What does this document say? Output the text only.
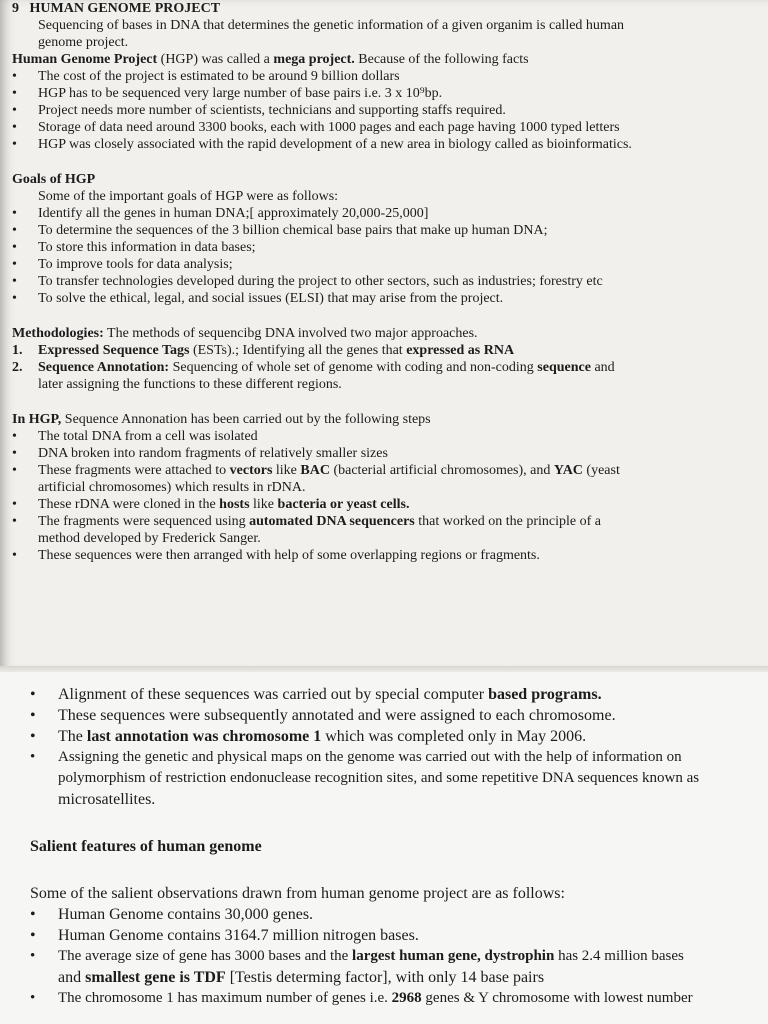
9 HUMAN GENOME PROJECT
Sequencing of bases in DNA that determines the genetic information of a given organim is called human
genome project.
Human Genome Project (HGP) was called a mega project. Because of the following facts
• The cost of the project is estimated to be around 9 billion dollars
• HGP has to be sequenced very large number of base pairs i.e. 3 x 10⁹bp.
• Project needs more number of scientists, technicians and supporting staffs required.
• Storage of data need around 3300 books, each with 1000 pages and each page having 1000 typed letters
• HGP was closely associated with the rapid development of a new area in biology called as bioinformatics.
Goals of HGP
Some of the important goals of HGP were as follows:
• Identify all the genes in human DNA;[ approximately 20,000-25,000]
• To determine the sequences of the 3 billion chemical base pairs that make up human DNA;
• To store this information in data bases;
• To improve tools for data analysis;
• To transfer technologies developed during the project to other sectors, such as industries; forestry etc
• To solve the ethical, legal, and social issues (ELSI) that may arise from the project.
Methodologies: The methods of sequencibg DNA involved two major approaches.
1. Expressed Sequence Tags (ESTs).; Identifying all the genes that expressed as RNA
2. Sequence Annotation: Sequencing of whole set of genome with coding and non-coding sequence and
later assigning the functions to these different regions.
In HGP, Sequence Annonation has been carried out by the following steps
• The total DNA from a cell was isolated
• DNA broken into random fragments of relatively smaller sizes
• These fragments were attached to vectors like BAC (bacterial artificial chromosomes), and YAC (yeast
artificial chromosomes) which results in rDNA.
• These rDNA were cloned in the hosts like bacteria or yeast cells.
• The fragments were sequenced using automated DNA sequencers that worked on the principle of a
method developed by Frederick Sanger.
• These sequences were then arranged with help of some overlapping regions or fragments.
• Alignment of these sequences was carried out by special computer based programs.
• These sequences were subsequently annotated and were assigned to each chromosome.
• The last annotation was chromosome 1 which was completed only in May 2006.
• Assigning the genetic and physical maps on the genome was carried out with the help of information on
polymorphism of restriction endonuclease recognition sites, and some repetitive DNA sequences known as
microsatellites.
Salient features of human genome
Some of the salient observations drawn from human genome project are as follows:
• Human Genome contains 30,000 genes.
• Human Genome contains 3164.7 million nitrogen bases.
• The average size of gene has 3000 bases and the largest human gene, dystrophin has 2.4 million bases
and smallest gene is TDF [Testis determing factor], with only 14 base pairs
• The chromosome 1 has maximum number of genes i.e. 2968 genes & Y chromosome with lowest number
